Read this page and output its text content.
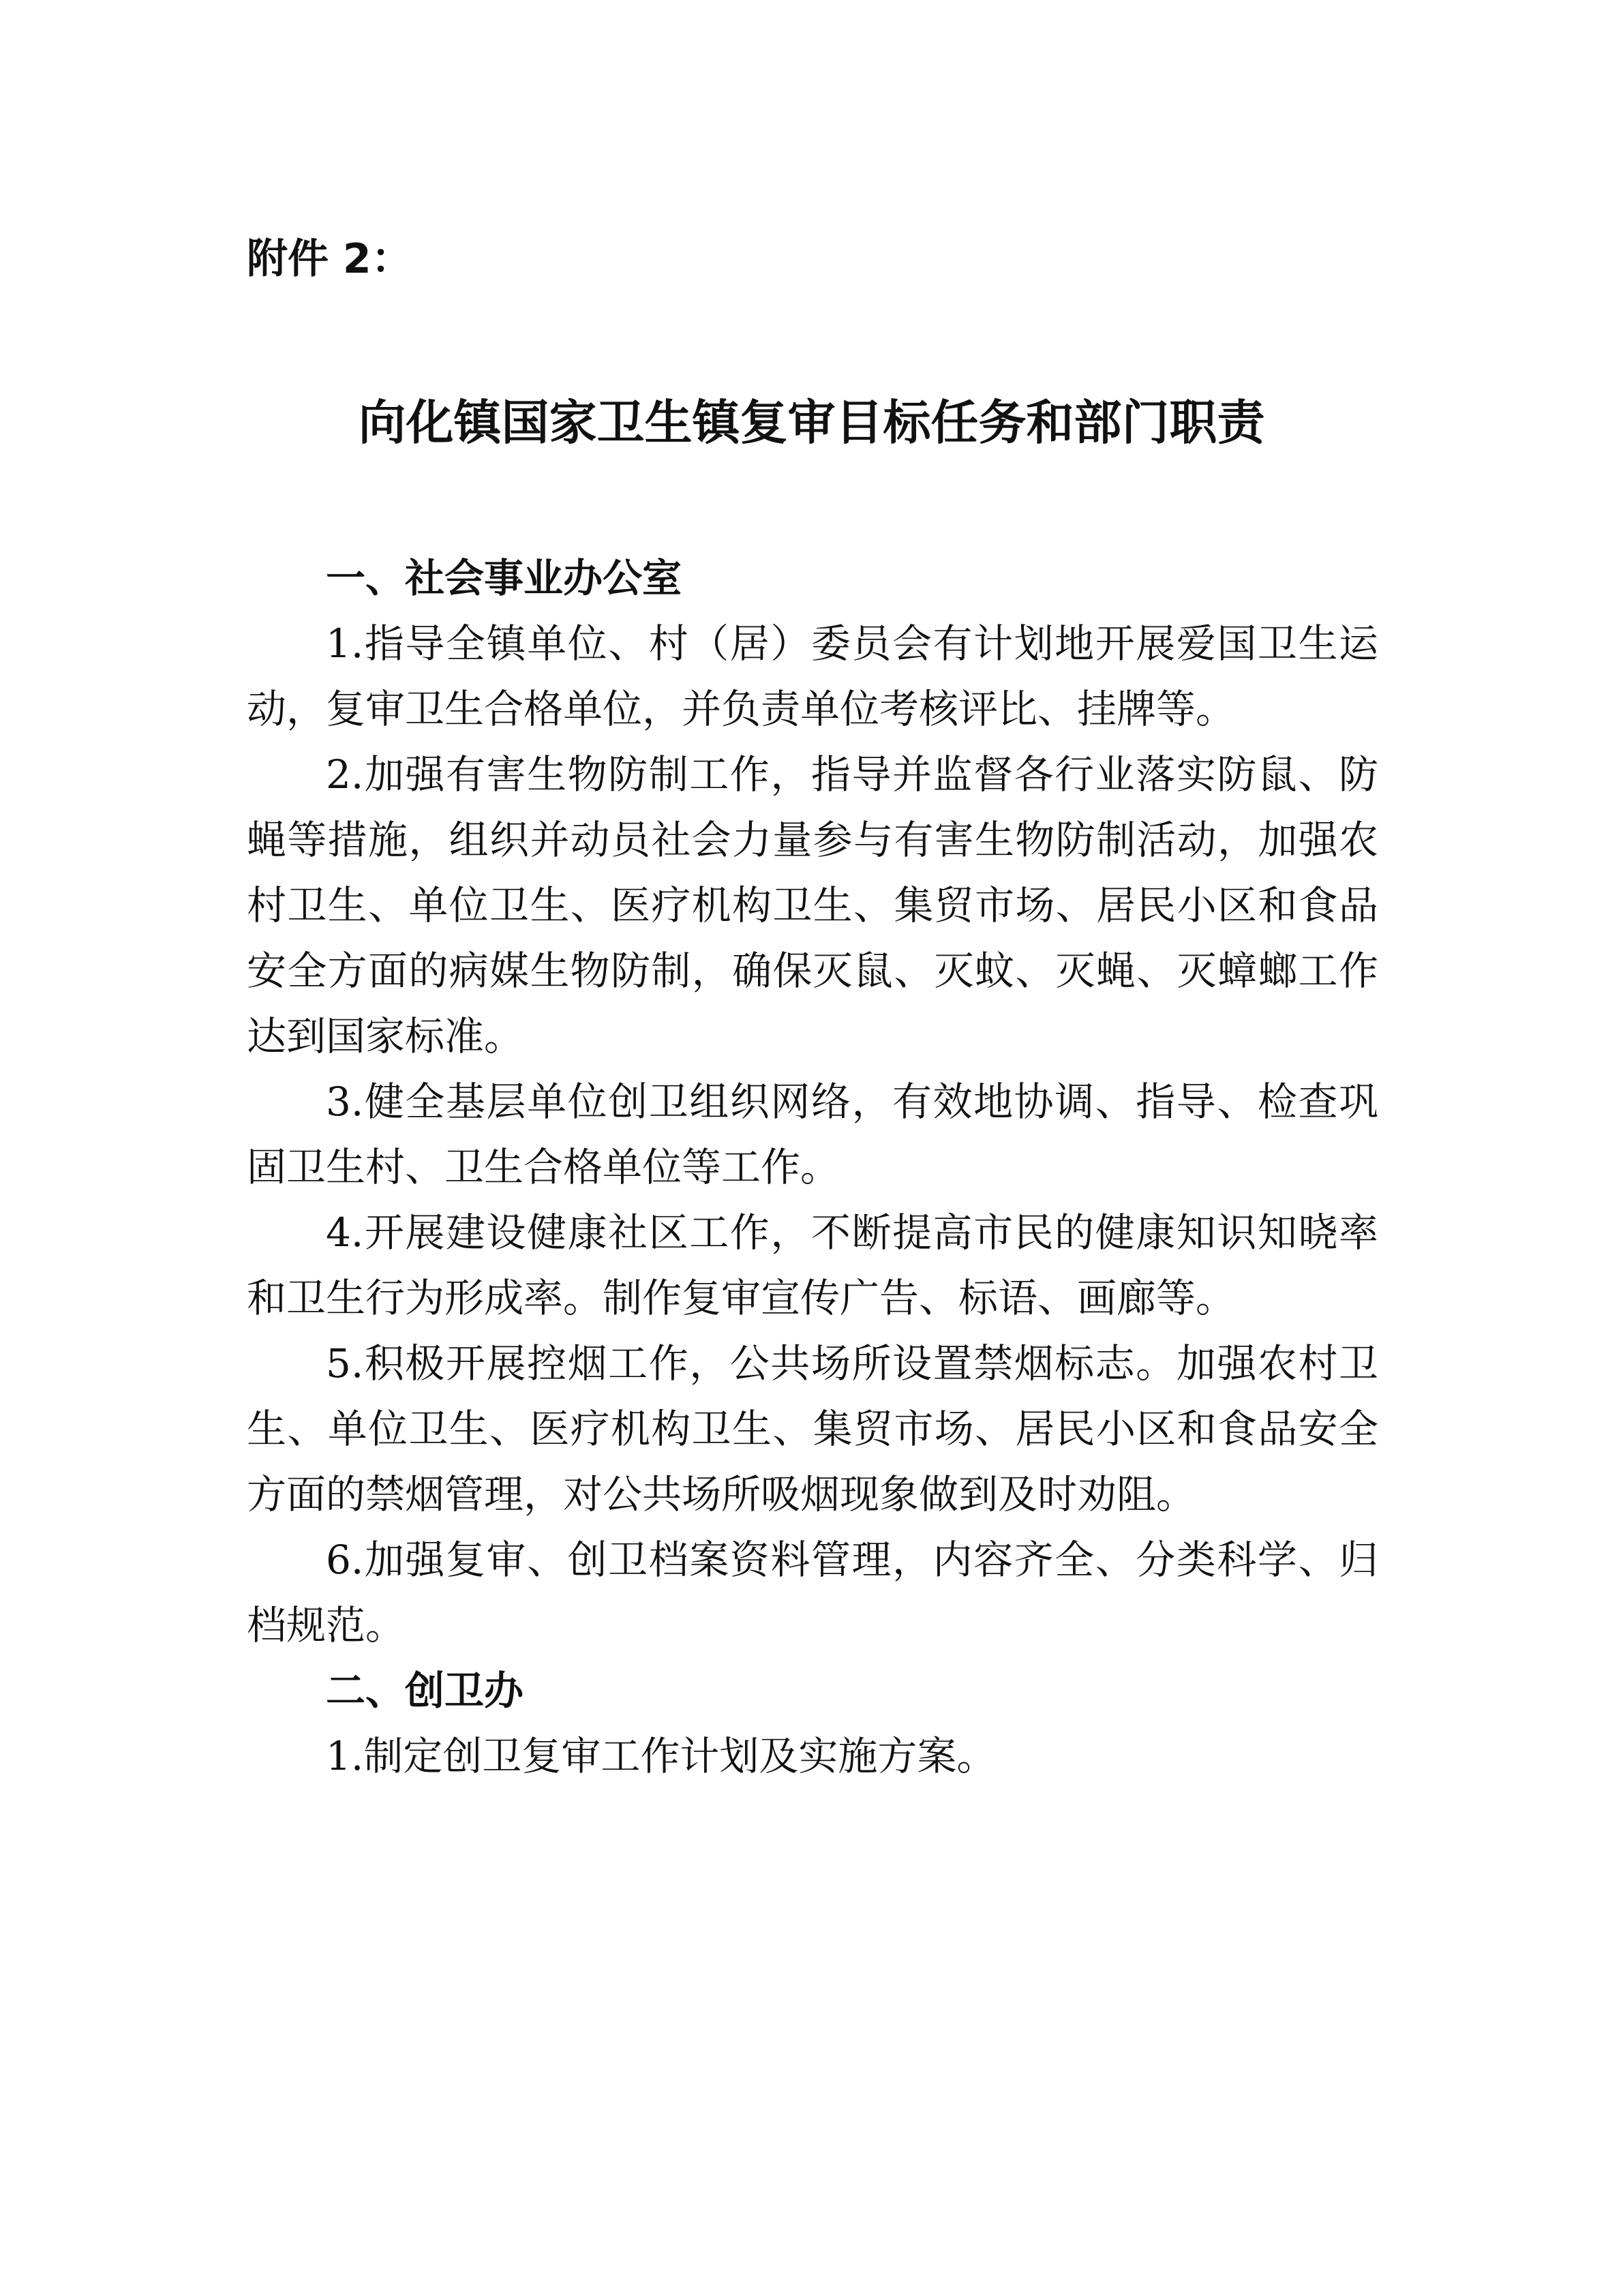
附件 2：
向化镇国家卫生镇复审目标任务和部门职责
一、社会事业办公室

1.指导全镇单位、村（居）委员会有计划地开展爱国卫生运动，复审卫生合格单位，并负责单位考核评比、挂牌等。

2.加强有害生物防制工作，指导并监督各行业落实防鼠、防蝇等措施，组织并动员社会力量参与有害生物防制活动，加强农村卫生、单位卫生、医疗机构卫生、集贸市场、居民小区和食品安全方面的病媒生物防制，确保灭鼠、灭蚊、灭蝇、灭蟑螂工作达到国家标准。

3.健全基层单位创卫组织网络，有效地协调、指导、检查巩固卫生村、卫生合格单位等工作。

4.开展建设健康社区工作，不断提高市民的健康知识知晓率和卫生行为形成率。制作复审宣传广告、标语、画廊等。

5.积极开展控烟工作，公共场所设置禁烟标志。加强农村卫生、单位卫生、医疗机构卫生、集贸市场、居民小区和食品安全方面的禁烟管理，对公共场所吸烟现象做到及时劝阻。

6.加强复审、创卫档案资料管理，内容齐全、分类科学、归档规范。

二、创卫办

1.制定创卫复审工作计划及实施方案。
